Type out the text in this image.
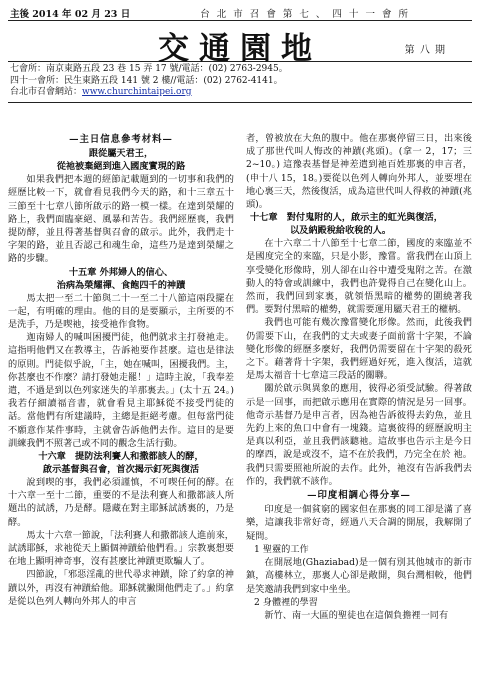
主後 2014 年 02 月 23 日	台 北 市 召 會 第 七 、 四 十 一 會 所
交通園地	第 八 期
七會所：南京東路五段 23 巷 15 弄 17 號/電話：(02) 2763-2945。
四十一會所：民生東路五段 141 號 2 樓//電話：(02) 2762-4141。
台北市召會網站：www.churchintaipei.org
—主日信息參考材料—
跟從屬天君王，
從祂被棄絕到進入國度實現的路

如果我們把本週的經節記載題到的一切事和我們的經歷比較一下，就會看見我們今天的路，和十三章五十三節至十七章八節所啟示的路一模一樣。在達到榮耀的路上，我們面臨豪絕、風暴和苦告。我們經歷喪，我們提防酵，並且得著基督與召會的啟示。此外，我們走十字架的路，並且否認己和魂生命，這些乃是達到榮耀之路的步驟。

十五章 外邦婦人的信心、
治病為榮耀禪、食飽四千的神蹟

馬太把一至二十節與二十一至二十八節這兩段擺在一起，有明確的理由。他的目的是要顯示，主所要的不是洗手，乃是喫祂，接受祂作食物。

迦南婦人的喊叫困擾門徒，他們就求主打發祂走。這指明他們又在教導主，告訴祂要作甚麼。這也是律法的原則。門徒似乎說，「主，她在喊叫，困擾我們。主，你甚麼也不作麼？請打發她走罷！」這時主說，「我奉差遣，不過是到以色列家迷失的羊那裏去。」(太十五 24。) 我若仔細讀福音書，就會看見主耶穌從不接受門徒的話。當他們有所建議時，主總是拒絕考慮。但每當門徒不願意作某件事時，主就會告訴他們去作。這目的是要訓練我們不照著己或不同的觀念生活行動。

十六章　提防法利賽人和撒都該人的酵，
啟示基督與召會，首次揭示釘死與復活

說到喫的事，我們必須謹慎，不可喫任何的酵。在十六章一至十二節，重要的不是法利賽人和撒都該人所題出的試誘，乃是酵。隱藏在對主耶穌試誘裏的，乃是酵。

馬太十六章一節說，「法利賽人和撒都該人進前來，試誘耶穌，求祂從天上顯個神蹟給他們看。」宗教裏想要在地上顯明神奇事，沒有甚麼比神蹟更欺騙人了。

四節說，「邪惡淫亂的世代尋求神蹟，除了約拿的神蹟以外，再沒有神蹟給他。耶穌就撇開他們走了。」約拿是從以色列人轉向外邦人的申言

者，曾被放在大魚的腹中。他在那裏停留三日，出來後成了那世代叫人悔改的神蹟(兆頭)。(拿一 2，17；三 2~10。) 這豫表基督是神差遣到祂百姓那裏的申言者，(申十八 15，18。)要從以色列人轉向外邦人，並要埋在地心裏三天，然後復活，成為這世代叫人得救的神蹟(兆頭)。

十七章　對付鬼附的人，啟示主的虹光與復活，
以及納殿稅給收稅的人。

在十六章二十八節至十七章二節，國度的來臨並不是國度完全的來臨，只是小影，豫嘗。當我們在山頂上享受變化形像時，別人卻在山谷中遭受鬼附之苦。在激動人的特會或訓練中，我們也許覺得自己在變化山上。然而，我們回到家裏，就領悟黑暗的權勢的圍繞著我們。要對付黑暗的權勢，就需要運用屬天君王的權柄。

我們也可能有幾次豫嘗變化形像。然而，此後我們仍需要下山，在我們的丈夫或妻子面前當十字架，不論變化形像的經歷多麼好，我們仍需要留在十字架的殺死之下。藉著背十字架，我們經過好死，進入復活，這就是馬太福音十七章這三段話的關聯。

關於啟示與異象的應用，彼得必須受試驗。得著啟示是一回事，而把啟示應用在實際的情況是另一回事。他奇示基督乃是申言者，因為祂告訴彼得去釣魚，並且先釣上來的魚口中會有一塊錢。這裏彼得的經歷說明主是真以利亞，並且我們該聽祂。這故事也告示主是今日的摩西，說是或沒不，這不在於我們，乃完全在於 祂。我們只需要照祂所說的去作。此外，祂沒有告訴我們去作的，我們就不該作。

—印度相調心得分享—

印度是一個貧窮的國家但在那裏的同工卻是滿了喜樂，這讓我非常好奇，經過八天合調的開展，我解開了疑問。

1 聖靈的工作

在開展地(Ghaziabad)是一個有別其他城市的新市鎮，高樓林立，那裏人心卻是敞開，與台灣相較，他們是笑邀請我們到家中坐坐。

2 身體裡的學習

新竹、南一大區的聖徒也在這個負擔裡一同有
